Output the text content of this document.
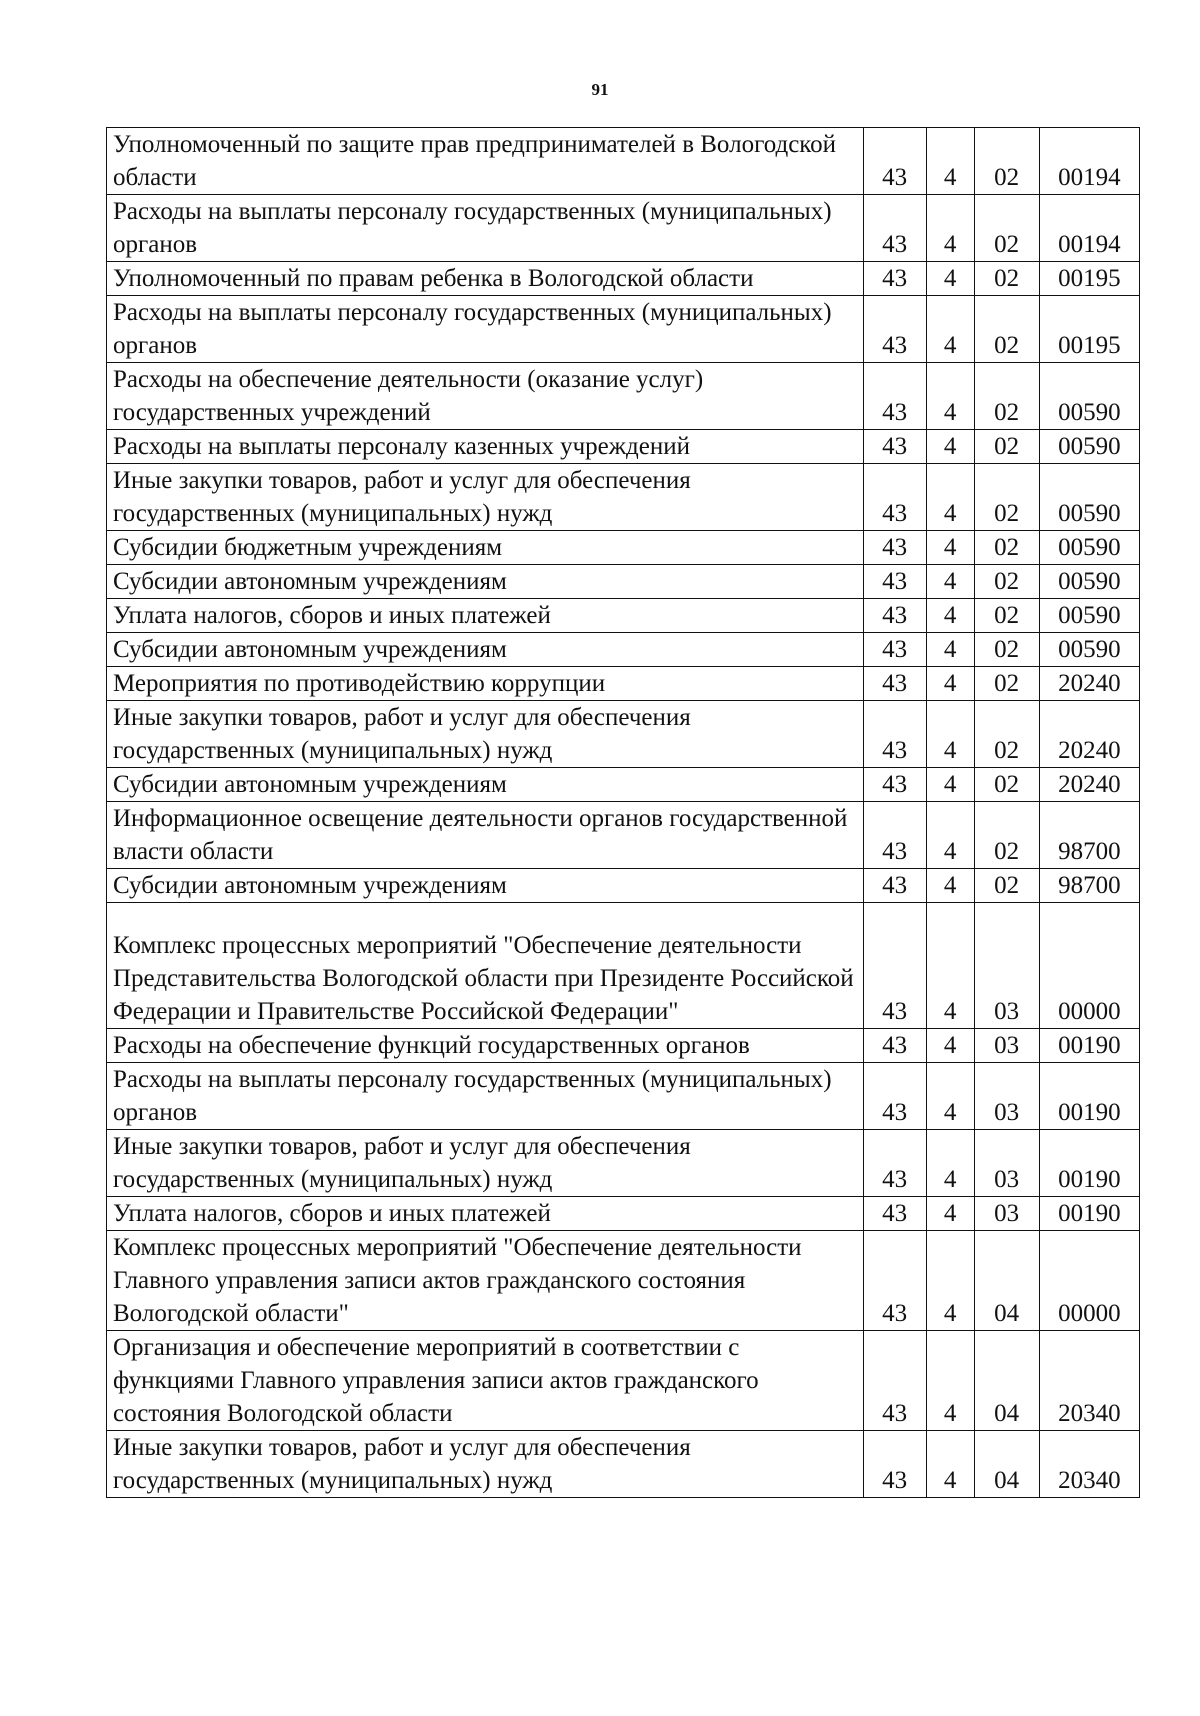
91
Уполномоченный по защите прав предпринимателей в Вологодской области	43	4	02	00194
Расходы на выплаты персоналу государственных (муниципальных) органов	43	4	02	00194
Уполномоченный по правам ребенка в Вологодской области	43	4	02	00195
Расходы на выплаты персоналу государственных (муниципальных) органов	43	4	02	00195
Расходы на обеспечение деятельности (оказание услуг) государственных учреждений	43	4	02	00590
Расходы на выплаты персоналу казенных учреждений	43	4	02	00590
Иные закупки товаров, работ и услуг для обеспечения государственных (муниципальных) нужд	43	4	02	00590
Субсидии бюджетным учреждениям	43	4	02	00590
Субсидии автономным учреждениям	43	4	02	00590
Уплата налогов, сборов и иных платежей	43	4	02	00590
Субсидии автономным учреждениям	43	4	02	00590
Мероприятия по противодействию коррупции	43	4	02	20240
Иные закупки товаров, работ и услуг для обеспечения государственных (муниципальных) нужд	43	4	02	20240
Субсидии автономным учреждениям	43	4	02	20240
Информационное освещение деятельности органов государственной власти области	43	4	02	98700
Субсидии автономным учреждениям	43	4	02	98700
Комплекс процессных мероприятий "Обеспечение деятельности Представительства Вологодской области при Президенте Российской Федерации и Правительстве Российской Федерации"	43	4	03	00000
Расходы на обеспечение функций государственных органов	43	4	03	00190
Расходы на выплаты персоналу государственных (муниципальных) органов	43	4	03	00190
Иные закупки товаров, работ и услуг для обеспечения государственных (муниципальных) нужд	43	4	03	00190
Уплата налогов, сборов и иных платежей	43	4	03	00190
Комплекс процессных мероприятий "Обеспечение деятельности Главного управления записи актов гражданского состояния Вологодской области"	43	4	04	00000
Организация и обеспечение мероприятий в соответствии с функциями Главного управления записи актов гражданского состояния Вологодской области	43	4	04	20340
Иные закупки товаров, работ и услуг для обеспечения государственных (муниципальных) нужд	43	4	04	20340
